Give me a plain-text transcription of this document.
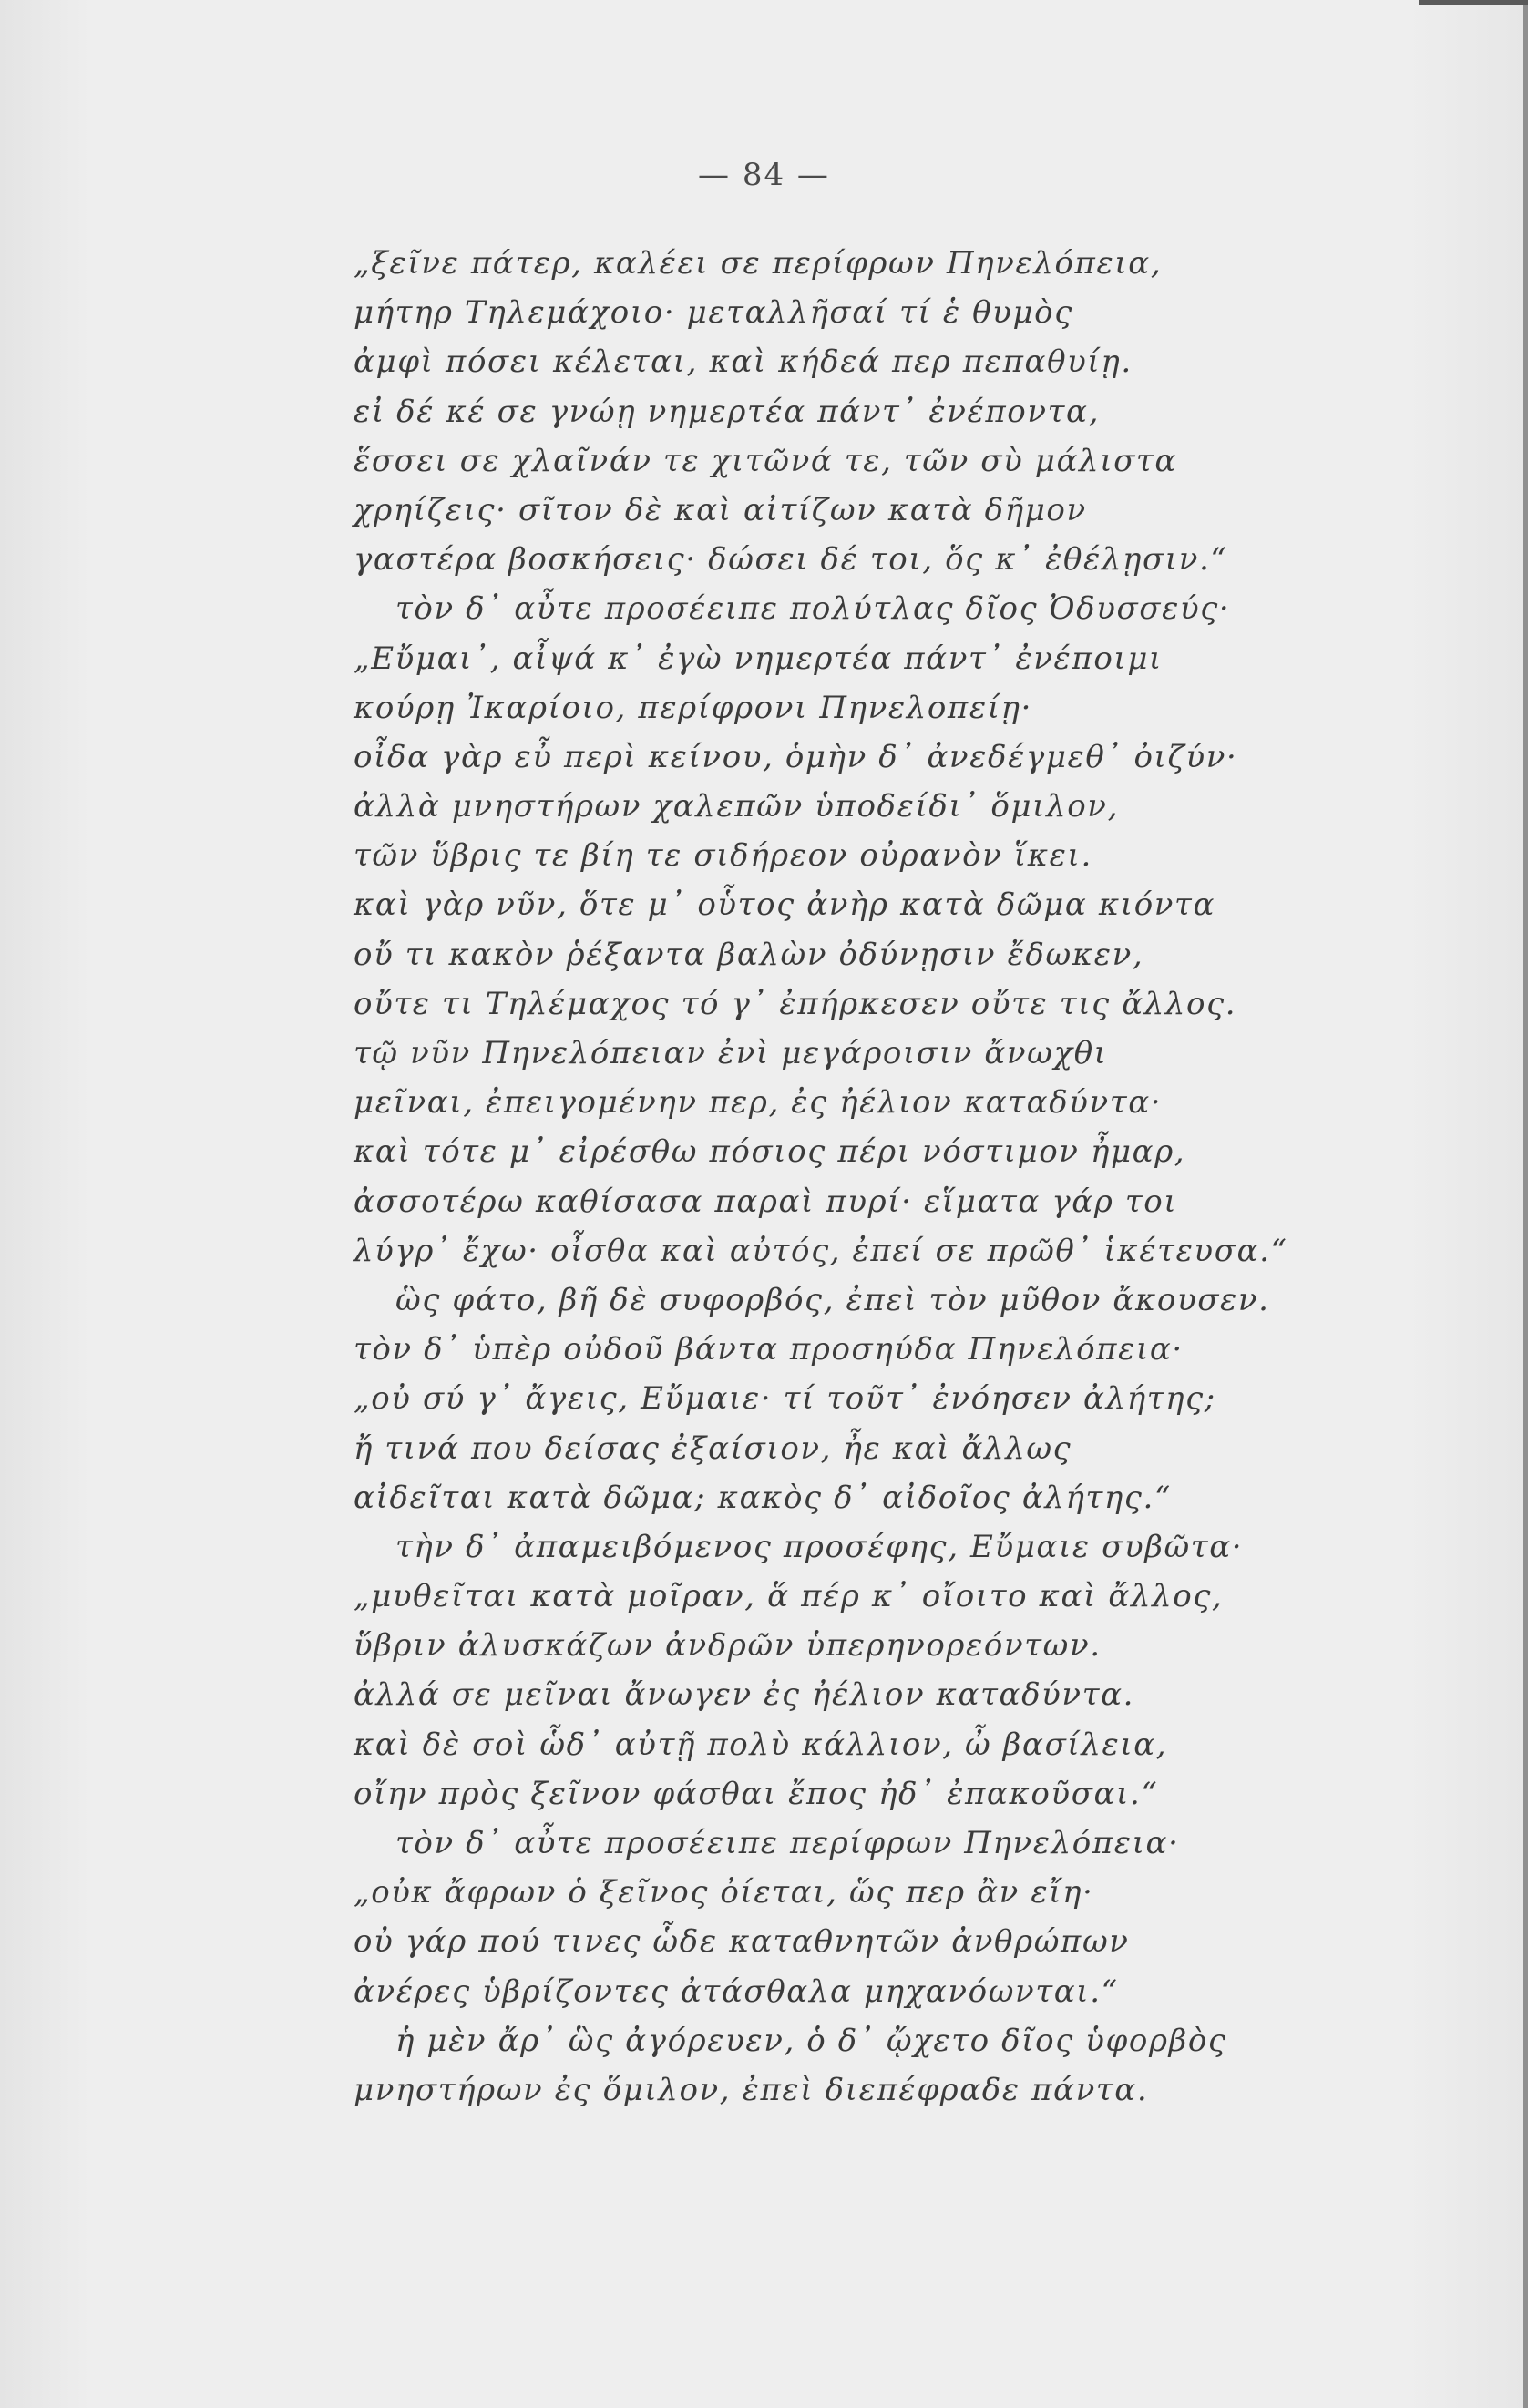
— 84 —
„ξεῖνε πάτερ, καλέει σε περίφρων Πηνελόπεια,
μήτηρ Τηλεμάχοιο· μεταλλῆσαί τί ἑ θυμὸς
ἀμφὶ πόσει κέλεται, καὶ κήδεά περ πεπαθυίῃ.
εἰ δέ κέ σε γνώῃ νημερτέα πάντ᾽ ἐνέποντα,
ἕσσει σε χλαῖνάν τε χιτῶνά τε, τῶν σὺ μάλιστα
χρηίζεις· σῖτον δὲ καὶ αἰτίζων κατὰ δῆμον
γαστέρα βοσκήσεις· δώσει δέ τοι, ὅς κ᾽ ἐθέλῃσιν.“
τὸν δ᾽ αὖτε προσέειπε πολύτλας δῖος Ὀδυσσεύς·
„Εὔμαι᾽, αἶψά κ᾽ ἐγὼ νημερτέα πάντ᾽ ἐνέποιμι
κούρῃ Ἰκαρίοιο, περίφρονι Πηνελοπείῃ·
οἶδα γὰρ εὖ περὶ κείνου, ὁμὴν δ᾽ ἀνεδέγμεθ᾽ ὀιζύν·
ἀλλὰ μνηστήρων χαλεπῶν ὑποδείδι᾽ ὅμιλον,
τῶν ὕβρις τε βίη τε σιδήρεον οὐρανὸν ἵκει.
καὶ γὰρ νῦν, ὅτε μ᾽ οὗτος ἀνὴρ κατὰ δῶμα κιόντα
οὔ τι κακὸν ῥέξαντα βαλὼν ὀδύνῃσιν ἔδωκεν,
οὔτε τι Τηλέμαχος τό γ᾽ ἐπήρκεσεν οὔτε τις ἄλλος.
τῷ νῦν Πηνελόπειαν ἐνὶ μεγάροισιν ἄνωχθι
μεῖναι, ἐπειγομένην περ, ἐς ἠέλιον καταδύντα·
καὶ τότε μ᾽ εἰρέσθω πόσιος πέρι νόστιμον ἦμαρ,
ἀσσοτέρω καθίσασα παραὶ πυρί· εἵματα γάρ τοι
λύγρ᾽ ἔχω· οἶσθα καὶ αὐτός, ἐπεί σε πρῶθ᾽ ἱκέτευσα.“
ὣς φάτο, βῆ δὲ συφορβός, ἐπεὶ τὸν μῦθον ἄκουσεν.
τὸν δ᾽ ὑπὲρ οὐδοῦ βάντα προσηύδα Πηνελόπεια·
„οὐ σύ γ᾽ ἄγεις, Εὔμαιε· τί τοῦτ᾽ ἐνόησεν ἀλήτης;
ἤ τινά που δείσας ἐξαίσιον, ἦε καὶ ἄλλως
αἰδεῖται κατὰ δῶμα; κακὸς δ᾽ αἰδοῖος ἀλήτης.“
τὴν δ᾽ ἀπαμειβόμενος προσέφης, Εὔμαιε συβῶτα·
„μυθεῖται κατὰ μοῖραν, ἅ πέρ κ᾽ οἴοιτο καὶ ἄλλος,
ὕβριν ἀλυσκάζων ἀνδρῶν ὑπερηνορεόντων.
ἀλλά σε μεῖναι ἄνωγεν ἐς ἠέλιον καταδύντα.
καὶ δὲ σοὶ ὧδ᾽ αὐτῇ πολὺ κάλλιον, ὦ βασίλεια,
οἴην πρὸς ξεῖνον φάσθαι ἔπος ἠδ᾽ ἐπακοῦσαι.“
τὸν δ᾽ αὖτε προσέειπε περίφρων Πηνελόπεια·
„οὐκ ἄφρων ὁ ξεῖνος ὀίεται, ὥς περ ἂν εἴη·
οὐ γάρ πού τινες ὧδε καταθνητῶν ἀνθρώπων
ἀνέρες ὑβρίζοντες ἀτάσθαλα μηχανόωνται.“
ἡ μὲν ἄρ᾽ ὣς ἀγόρευεν, ὁ δ᾽ ᾤχετο δῖος ὑφορβὸς
μνηστήρων ἐς ὅμιλον, ἐπεὶ διεπέφραδε πάντα.
